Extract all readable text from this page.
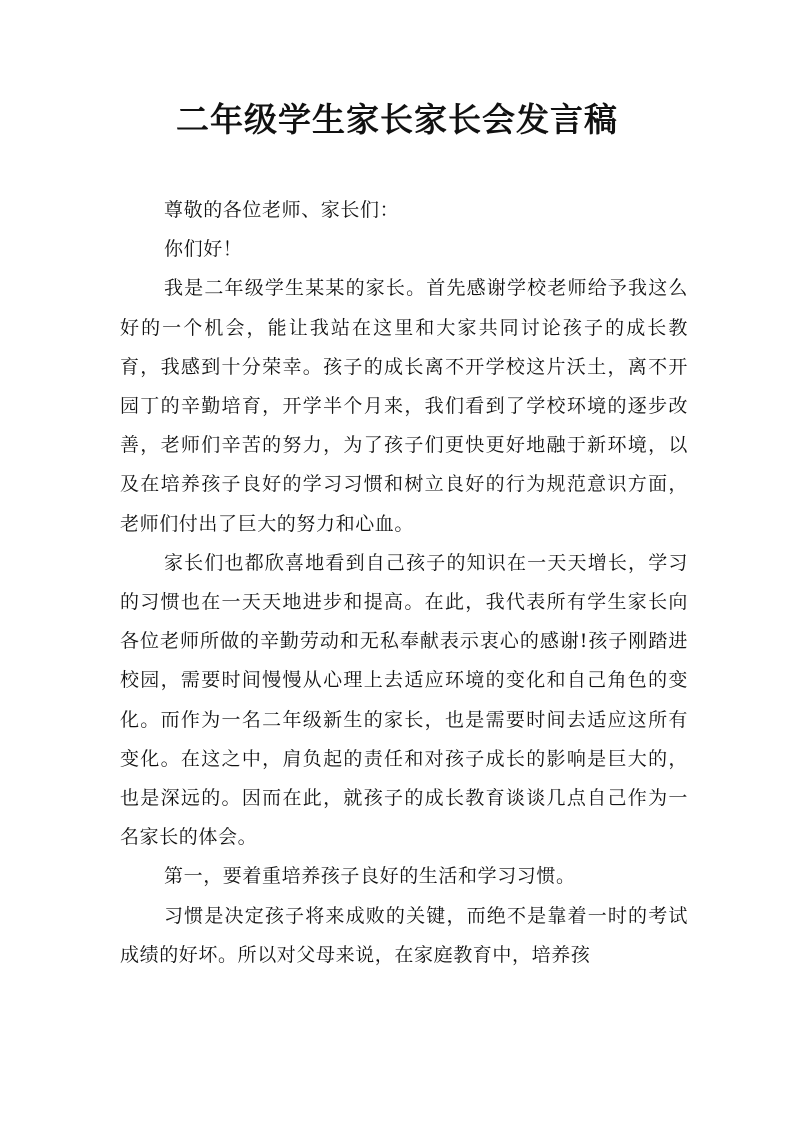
二年级学生家长家长会发言稿

尊敬的各位老师、家长们：

你们好！

我是二年级学生某某的家长。首先感谢学校老师给予我这么好的一个机会，能让我站在这里和大家共同讨论孩子的成长教育，我感到十分荣幸。孩子的成长离不开学校这片沃土，离不开园丁的辛勤培育，开学半个月来，我们看到了学校环境的逐步改善，老师们辛苦的努力，为了孩子们更快更好地融于新环境，以及在培养孩子良好的学习习惯和树立良好的行为规范意识方面，老师们付出了巨大的努力和心血。

家长们也都欣喜地看到自己孩子的知识在一天天增长，学习的习惯也在一天天地进步和提高。在此，我代表所有学生家长向各位老师所做的辛勤劳动和无私奉献表示衷心的感谢!孩子刚踏进校园，需要时间慢慢从心理上去适应环境的变化和自己角色的变化。而作为一名二年级新生的家长，也是需要时间去适应这所有变化。在这之中，肩负起的责任和对孩子成长的影响是巨大的，也是深远的。因而在此，就孩子的成长教育谈谈几点自己作为一名家长的体会。

第一，要着重培养孩子良好的生活和学习习惯。

习惯是决定孩子将来成败的关键，而绝不是靠着一时的考试成绩的好坏。所以对父母来说，在家庭教育中，培养孩
